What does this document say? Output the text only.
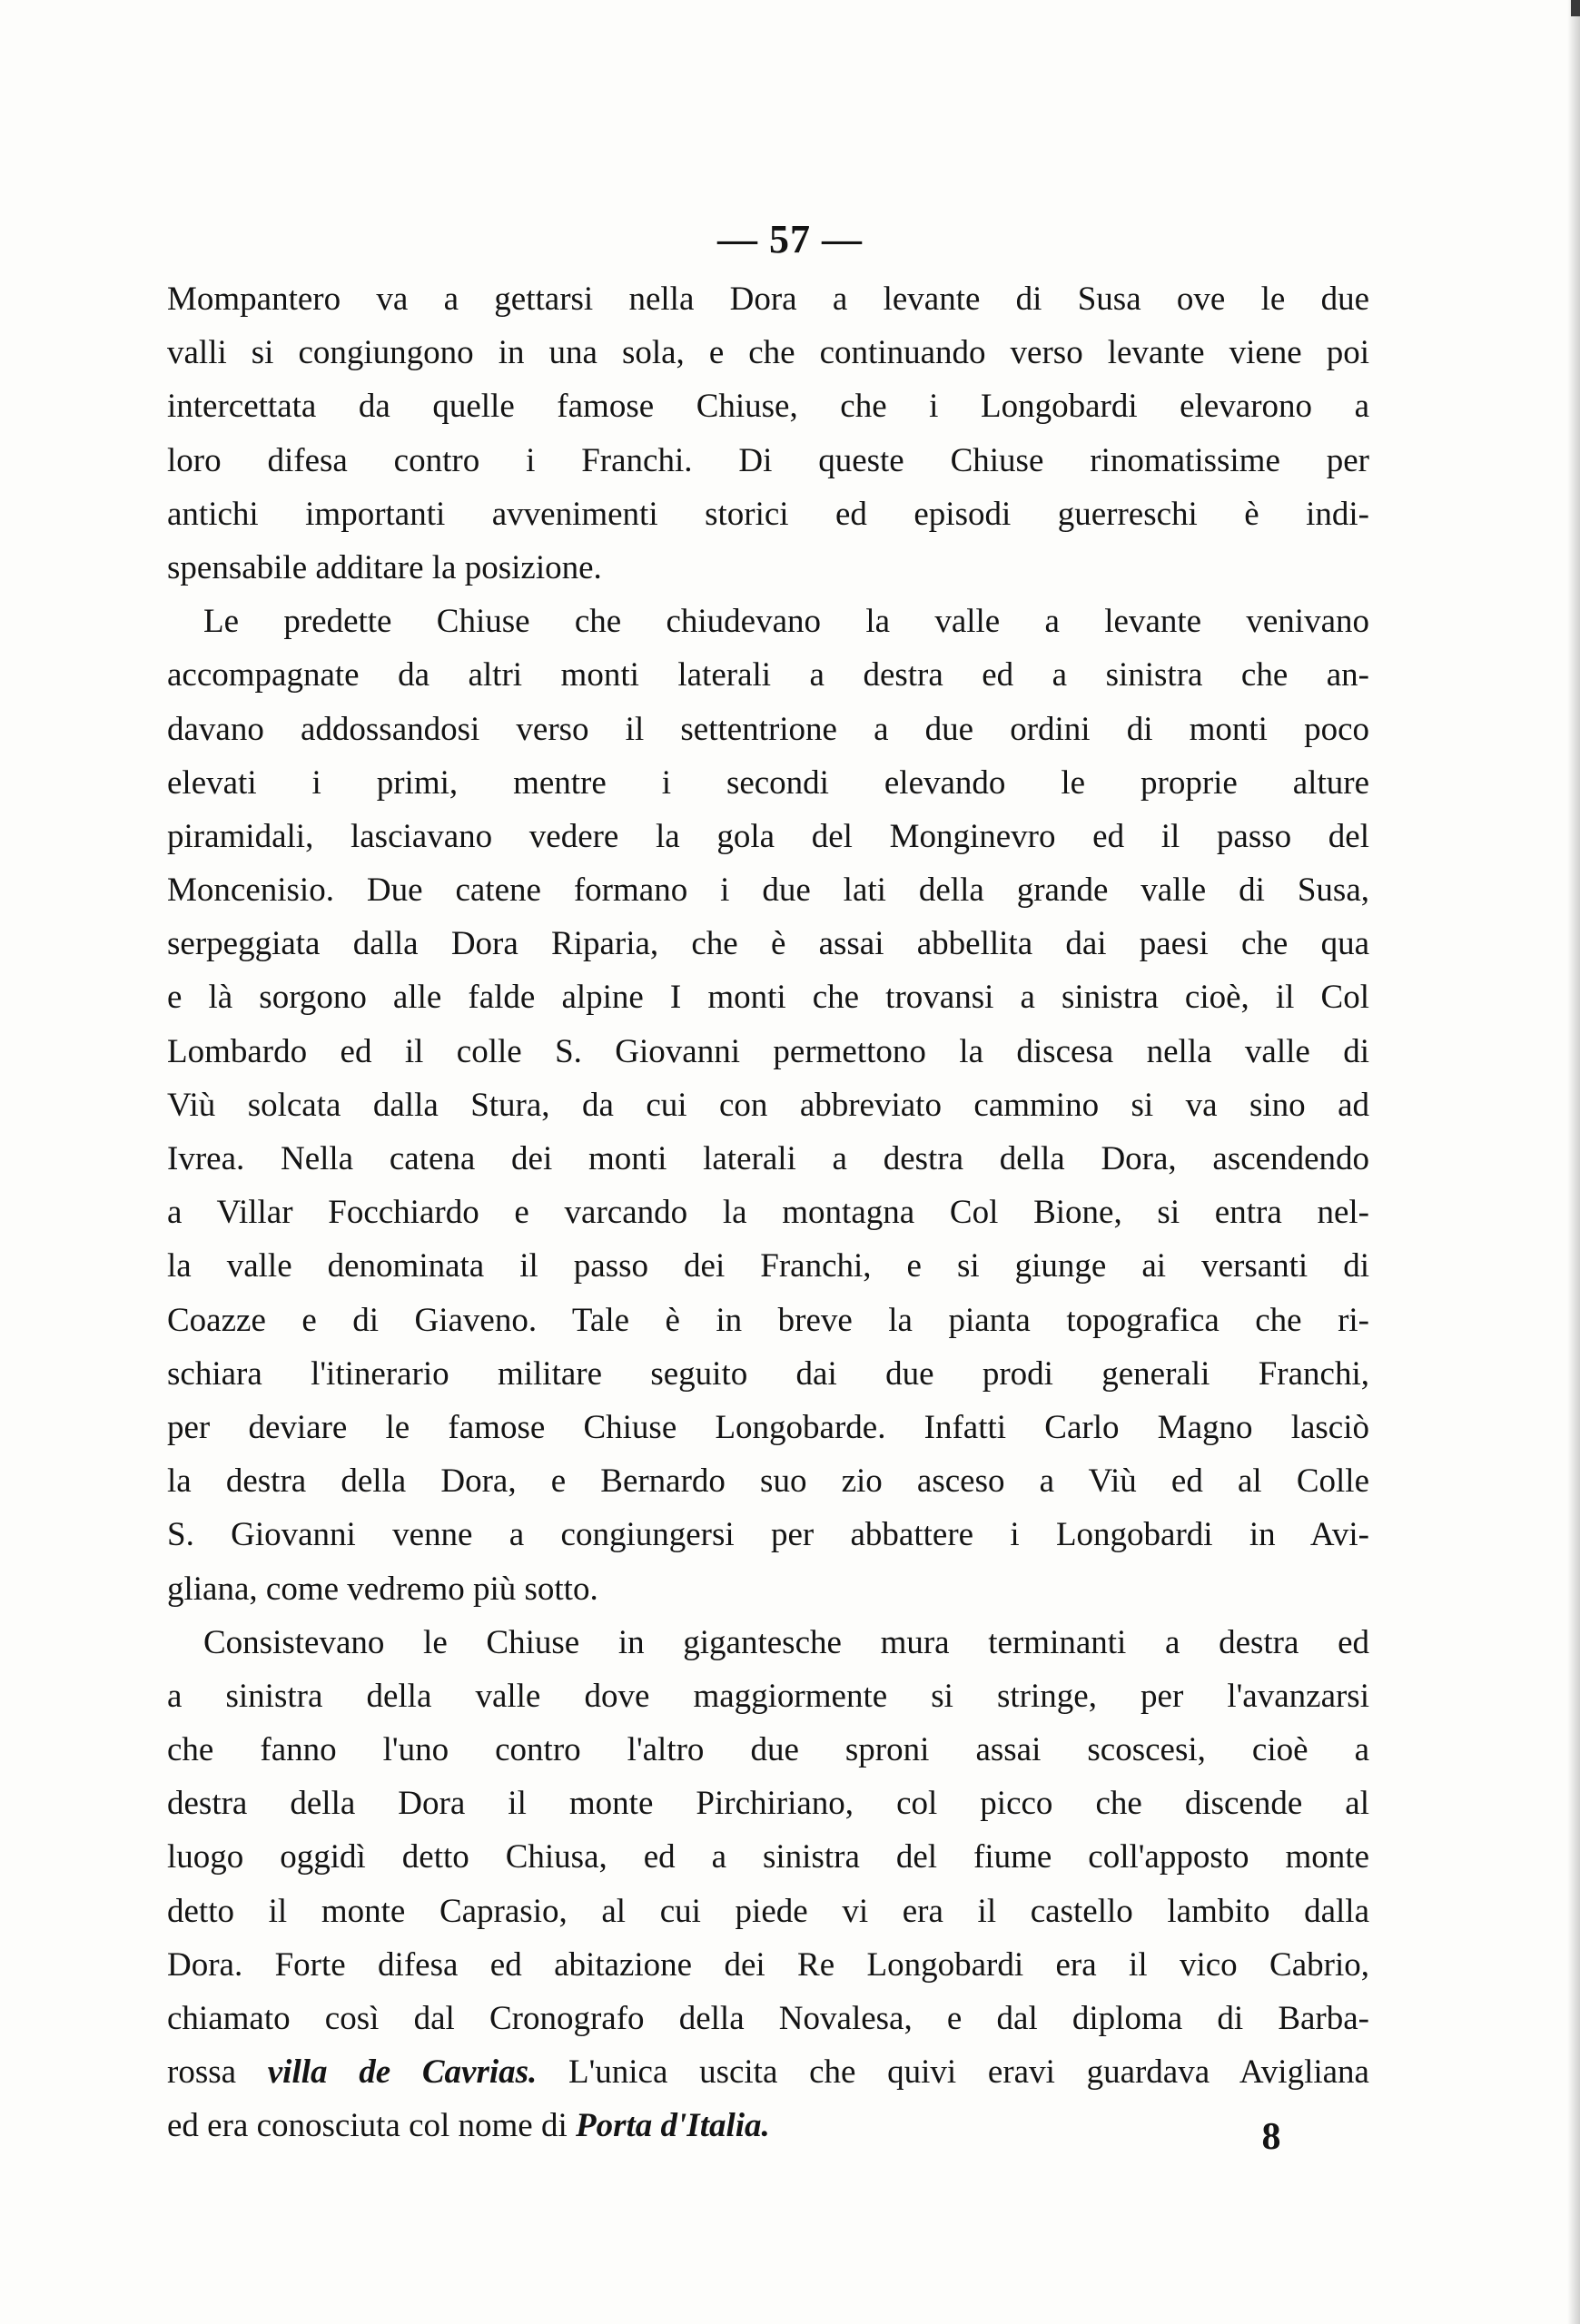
— 57 —
Mompantero va a gettarsi nella Dora a levante di Susa ove le due
valli si congiungono in una sola, e che continuando verso levante viene poi
intercettata da quelle famose Chiuse, che i Longobardi elevarono a
loro difesa contro i Franchi. Di queste Chiuse rinomatissime per
antichi importanti avvenimenti storici ed episodi guerreschi è indi-
spensabile additare la posizione.
Le predette Chiuse che chiudevano la valle a levante venivano
accompagnate da altri monti laterali a destra ed a sinistra che an-
davano addossandosi verso il settentrione a due ordini di monti poco
elevati i primi, mentre i secondi elevando le proprie alture
piramidali, lasciavano vedere la gola del Monginevro ed il passo del
Moncenisio. Due catene formano i due lati della grande valle di Susa,
serpeggiata dalla Dora Riparia, che è assai abbellita dai paesi che qua
e là sorgono alle falde alpine I monti che trovansi a sinistra cioè, il Col
Lombardo ed il colle S. Giovanni permettono la discesa nella valle di
Viù solcata dalla Stura, da cui con abbreviato cammino si va sino ad
Ivrea. Nella catena dei monti laterali a destra della Dora, ascendendo
a Villar Focchiardo e varcando la montagna Col Bione, si entra nel-
la valle denominata il passo dei Franchi, e si giunge ai versanti di
Coazze e di Giaveno. Tale è in breve la pianta topografica che ri-
schiara l'itinerario militare seguito dai due prodi generali Franchi,
per deviare le famose Chiuse Longobarde. Infatti Carlo Magno lasciò
la destra della Dora, e Bernardo suo zio asceso a Viù ed al Colle
S. Giovanni venne a congiungersi per abbattere i Longobardi in Avi-
gliana, come vedremo più sotto.
Consistevano le Chiuse in gigantesche mura terminanti a destra ed
a sinistra della valle dove maggiormente si stringe, per l'avanzarsi
che fanno l'uno contro l'altro due sproni assai scoscesi, cioè a
destra della Dora il monte Pirchiriano, col picco che discende al
luogo oggidì detto Chiusa, ed a sinistra del fiume coll'apposto monte
detto il monte Caprasio, al cui piede vi era il castello lambito dalla
Dora. Forte difesa ed abitazione dei Re Longobardi era il vico Cabrio,
chiamato così dal Cronografo della Novalesa, e dal diploma di Barba-
rossa villa de Cavrias. L'unica uscita che quivi eravi guardava Avigliana
ed era conosciuta col nome di Porta d'Italia.	8
